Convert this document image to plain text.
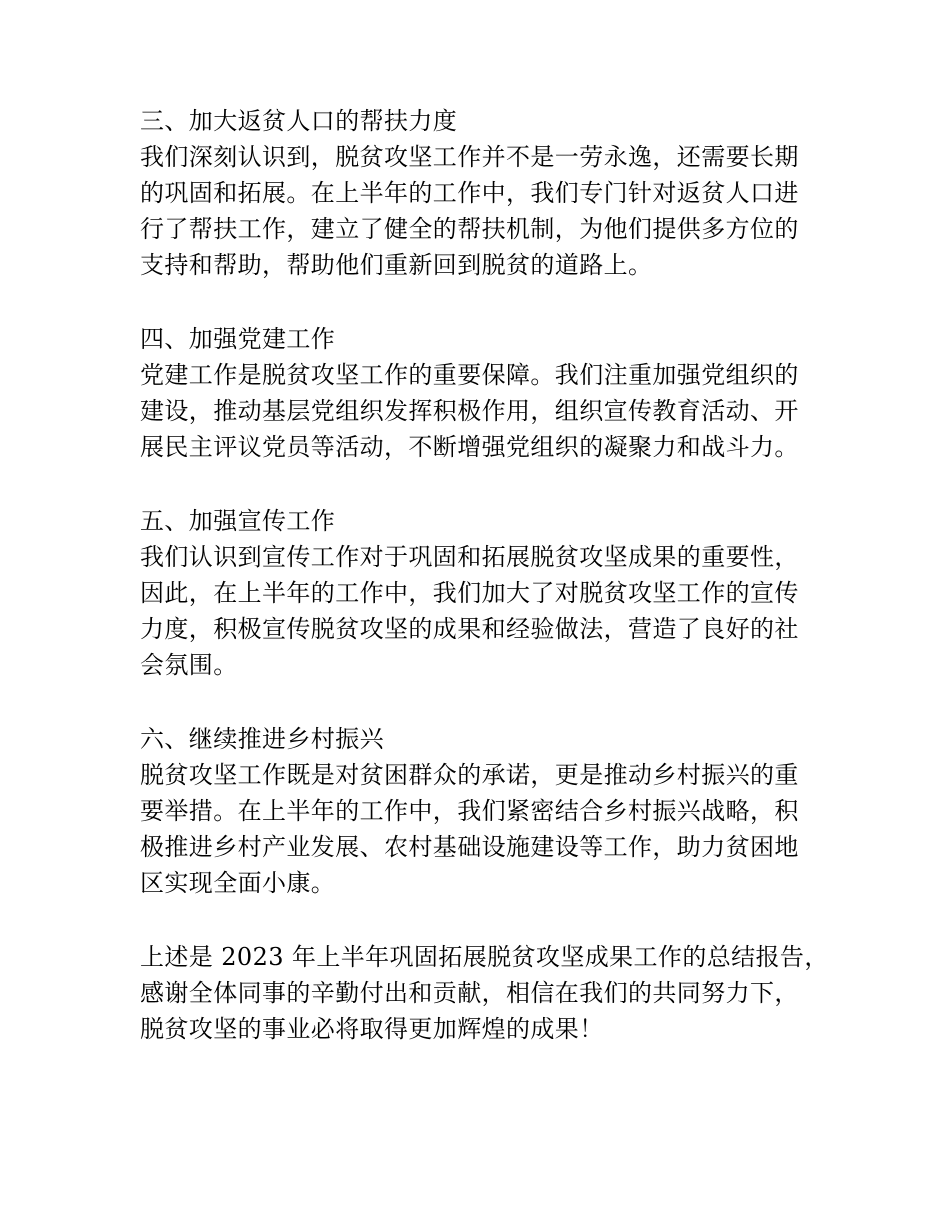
三、加大返贫人口的帮扶力度
我们深刻认识到，脱贫攻坚工作并不是一劳永逸，还需要长期
的巩固和拓展。在上半年的工作中，我们专门针对返贫人口进
行了帮扶工作，建立了健全的帮扶机制，为他们提供多方位的
支持和帮助，帮助他们重新回到脱贫的道路上。
四、加强党建工作
党建工作是脱贫攻坚工作的重要保障。我们注重加强党组织的
建设，推动基层党组织发挥积极作用，组织宣传教育活动、开
展民主评议党员等活动，不断增强党组织的凝聚力和战斗力。
五、加强宣传工作
我们认识到宣传工作对于巩固和拓展脱贫攻坚成果的重要性，
因此，在上半年的工作中，我们加大了对脱贫攻坚工作的宣传
力度，积极宣传脱贫攻坚的成果和经验做法，营造了良好的社
会氛围。
六、继续推进乡村振兴
脱贫攻坚工作既是对贫困群众的承诺，更是推动乡村振兴的重
要举措。在上半年的工作中，我们紧密结合乡村振兴战略，积
极推进乡村产业发展、农村基础设施建设等工作，助力贫困地
区实现全面小康。
上述是 2023 年上半年巩固拓展脱贫攻坚成果工作的总结报告，
感谢全体同事的辛勤付出和贡献，相信在我们的共同努力下，
脱贫攻坚的事业必将取得更加辉煌的成果！
